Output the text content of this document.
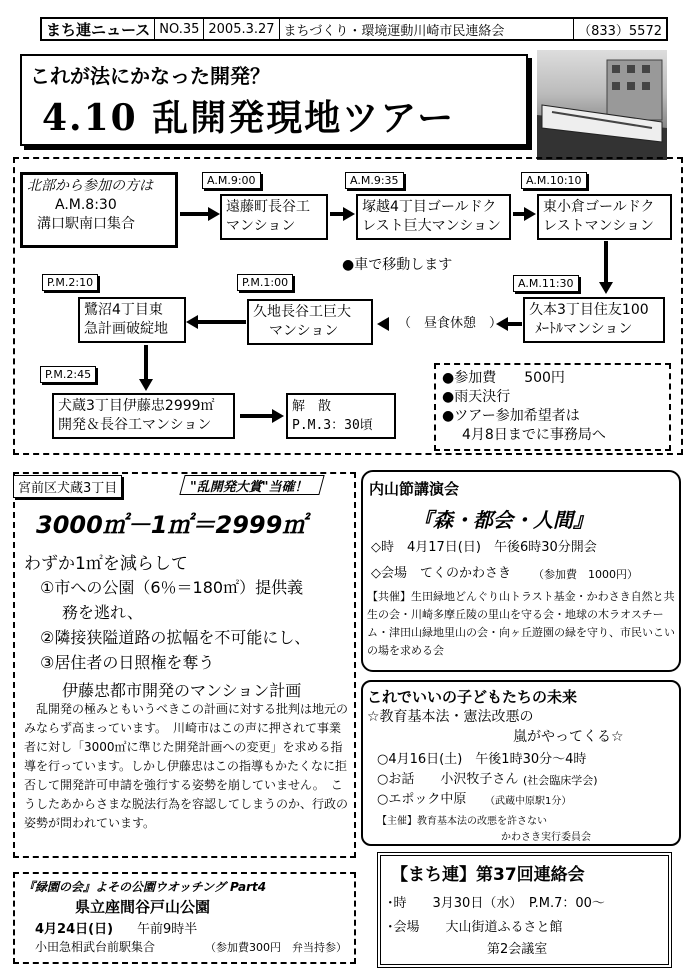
まち連ニュース NO.35 2005.3.27 まちづくり・環境運動川崎市民連絡会	（833）5572
これが法にかなった開発？
4.10 乱開発現地ツアー
北部から参加の方は
A.M.8:30
溝口駅南口集合
A.M.9:00
遠藤町長谷工
マンション
A.M.9:35
塚越4丁目ゴールドク
レスト巨大マンション
A.M.10:10
東小倉ゴールドク
レストマンション
●車で移動します
A.M.11:30
久本3丁目住友100
ﾒｰﾄﾙマンション
（　昼食休憩　）
P.M.1:00
久地長谷工巨大
マンション
P.M.2:10
鷺沼4丁目東
急計画破綻地
P.M.2:45
犬蔵3丁目伊藤忠2999㎡
開発＆長谷工マンション
解　散
P.M.3：30頃
●参加費　　500円
●雨天決行
●ツアー参加希望者は
4月8日までに事務局へ
宮前区犬蔵3丁目	"乱開発大賞"当確！
3000㎡－1㎡＝2999㎡
わずか1㎡を減らして
①市への公園（6％＝180㎡）提供義
務を逃れ、
②隣接狭隘道路の拡幅を不可能にし、
③居住者の日照権を奪う
伊藤忠都市開発のマンション計画
乱開発の極みともいうべきこの計画に対する批判は地元のみならず高まっています。　川崎市はこの声に押されて事業者に対し「3000㎡に準じた開発計画への変更」を求める指導を行っています。しかし伊藤忠はこの指導もかたくなに拒否して開発許可申請を強行する姿勢を崩していません。　こうしたあからさまな脱法行為を容認してしまうのか、行政の姿勢が問われています。
内山節講演会
『森・都会・人間』
◇時　4月17日(日)　午後6時30分開会
◇会場　てくのかわさき （参加費　1000円）
【共催】生田緑地どんぐり山トラスト基金・かわさき自然と共生の会・川崎多摩丘陵の里山を守る会・地球の木ラオスチーム・津田山緑地里山の会・向ヶ丘遊園の緑を守り、市民いこいの場を求める会
これでいいの子どもたちの未来
☆教育基本法・憲法改悪の
嵐がやってくる☆
○4月16日(土)　午後1時30分～4時
○お話　　小沢牧子さん (社会臨床学会)
○エポック中原 （武蔵中原駅1分）
【主催】教育基本法の改悪を許さない
かわさき実行委員会
『緑園の会』よその公園ウオッチング Part4
県立座間谷戸山公園
4月24日(日) 午前9時半
小田急相武台前駅集合	（参加費300円　弁当持参）
【まち連】第37回連絡会
･時　　3月30日（水）　P.M.7：00～
･会場　　大山街道ふるさと館
第2会議室
